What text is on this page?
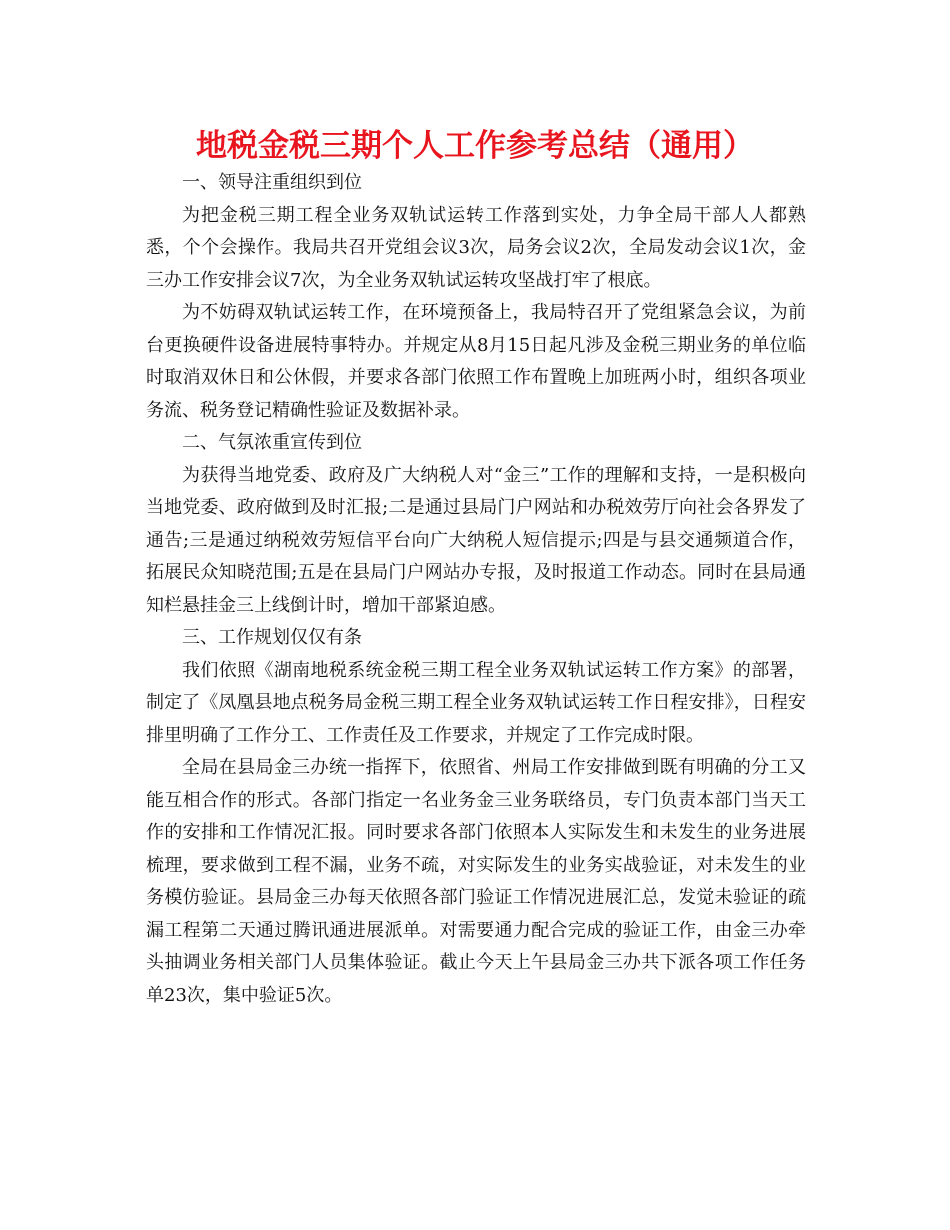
地税金税三期个人工作参考总结（通用）

一、领导注重组织到位

为把金税三期工程全业务双轨试运转工作落到实处，力争全局干部人人都熟悉，个个会操作。我局共召开党组会议3次，局务会议2次，全局发动会议1次，金三办工作安排会议7次，为全业务双轨试运转攻坚战打牢了根底。

为不妨碍双轨试运转工作，在环境预备上，我局特召开了党组紧急会议，为前台更换硬件设备进展特事特办。并规定从8月15日起凡涉及金税三期业务的单位临时取消双休日和公休假，并要求各部门依照工作布置晚上加班两小时，组织各项业务流、税务登记精确性验证及数据补录。

二、气氛浓重宣传到位

为获得当地党委、政府及广大纳税人对“金三”工作的理解和支持，一是积极向当地党委、政府做到及时汇报;二是通过县局门户网站和办税效劳厅向社会各界发了通告;三是通过纳税效劳短信平台向广大纳税人短信提示;四是与县交通频道合作，拓展民众知晓范围;五是在县局门户网站办专报，及时报道工作动态。同时在县局通知栏悬挂金三上线倒计时，增加干部紧迫感。

三、工作规划仅仅有条

我们依照《湖南地税系统金税三期工程全业务双轨试运转工作方案》的部署，制定了《凤凰县地点税务局金税三期工程全业务双轨试运转工作日程安排》，日程安排里明确了工作分工、工作责任及工作要求，并规定了工作完成时限。

全局在县局金三办统一指挥下，依照省、州局工作安排做到既有明确的分工又能互相合作的形式。各部门指定一名业务金三业务联络员，专门负责本部门当天工作的安排和工作情况汇报。同时要求各部门依照本人实际发生和未发生的业务进展梳理，要求做到工程不漏，业务不疏，对实际发生的业务实战验证，对未发生的业务模仿验证。县局金三办每天依照各部门验证工作情况进展汇总，发觉未验证的疏漏工程第二天通过腾讯通进展派单。对需要通力配合完成的验证工作，由金三办牵头抽调业务相关部门人员集体验证。截止今天上午县局金三办共下派各项工作任务单23次，集中验证5次。
